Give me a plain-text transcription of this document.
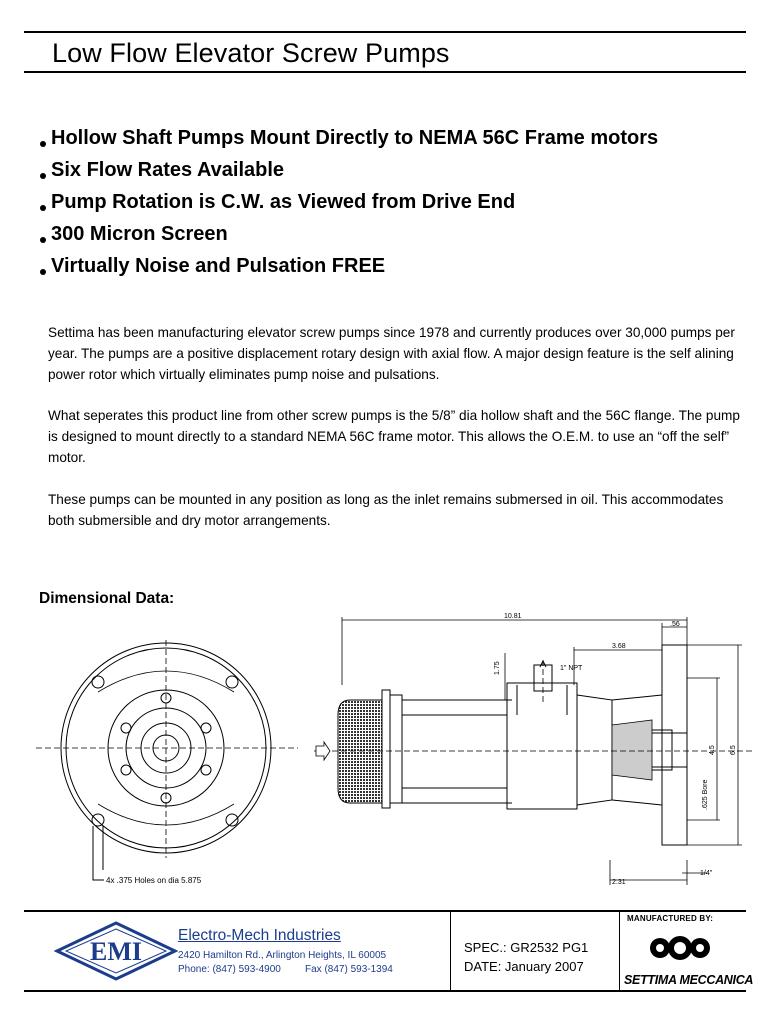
Low Flow Elevator Screw Pumps
Hollow Shaft Pumps Mount Directly to NEMA 56C Frame motors
Six Flow Rates Available
Pump Rotation is C.W. as Viewed from Drive End
300 Micron Screen
Virtually Noise and Pulsation FREE

Settima has been manufacturing elevator screw pumps since 1978 and currently produces over 30,000 pumps per year. The pumps are a positive displacement rotary design with axial flow. A major design feature is the self alining power rotor which virtually eliminates pump noise and pulsations.

What seperates this product line from other screw pumps is the 5/8” dia hollow shaft and the 56C flange. The pump is designed to mount directly to a standard NEMA 56C frame motor. This allows the O.E.M. to use an “off the self” motor.

These pumps can be mounted in any position as long as the inlet remains submersed in oil. This accommodates both submersible and dry motor arrangements.

Dimensional Data:
4x .375 Holes on dia 5.875
10.81
3.68
.56
1.75	1" NPT
4.5 6.5
.625 Bore
1/4"
2.31
EMI
Electro-Mech Industries
2420 Hamilton Rd., Arlington Heights, IL 60005
Phone: (847) 593-4900 Fax (847) 593-1394
SPEC.: GR2532 PG1
DATE: January 2007
MANUFACTURED BY:
SETTIMA MECCANICA
